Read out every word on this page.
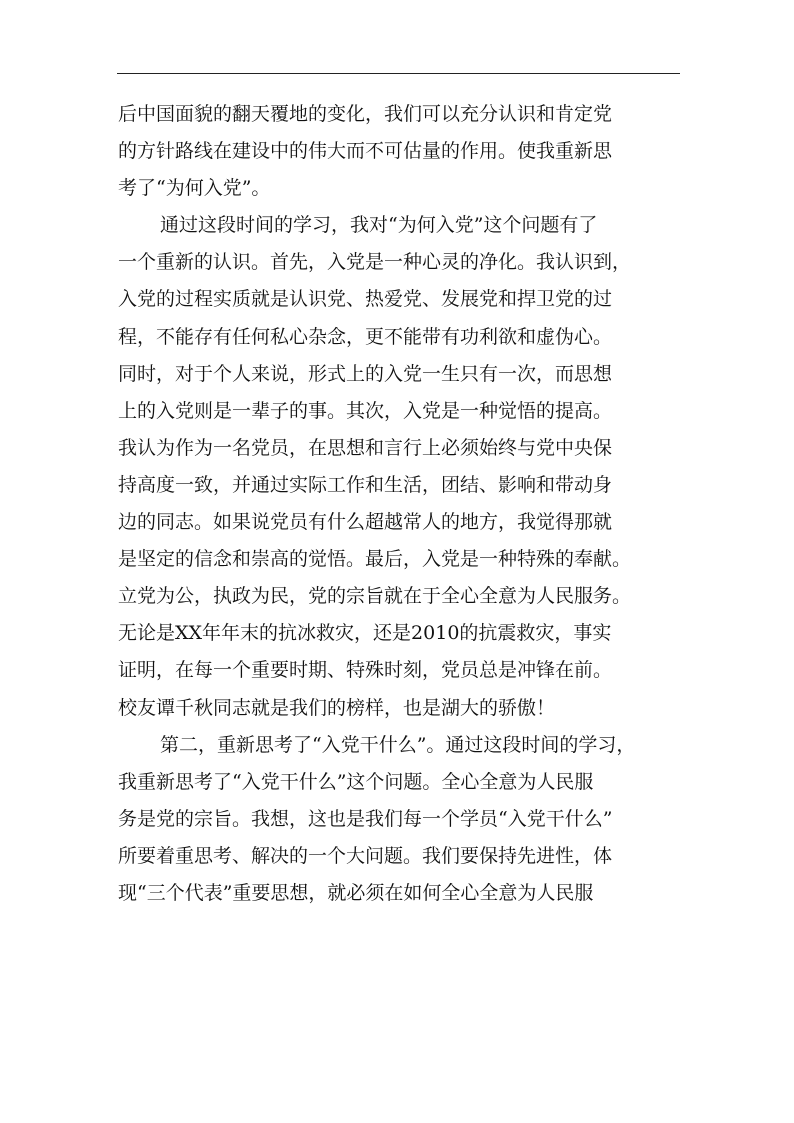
后中国面貌的翻天覆地的变化，我们可以充分认识和肯定党
的方针路线在建设中的伟大而不可估量的作用。使我重新思
考了“为何入党”。
通过这段时间的学习，我对“为何入党”这个问题有了
一个重新的认识。首先，入党是一种心灵的净化。我认识到，
入党的过程实质就是认识党、热爱党、发展党和捍卫党的过
程，不能存有任何私心杂念，更不能带有功利欲和虚伪心。
同时，对于个人来说，形式上的入党一生只有一次，而思想
上的入党则是一辈子的事。其次，入党是一种觉悟的提高。
我认为作为一名党员，在思想和言行上必须始终与党中央保
持高度一致，并通过实际工作和生活，团结、影响和带动身
边的同志。如果说党员有什么超越常人的地方，我觉得那就
是坚定的信念和崇高的觉悟。最后，入党是一种特殊的奉献。
立党为公，执政为民，党的宗旨就在于全心全意为人民服务。
无论是XX年年末的抗冰救灾，还是2010的抗震救灾，事实
证明，在每一个重要时期、特殊时刻，党员总是冲锋在前。
校友谭千秋同志就是我们的榜样，也是湖大的骄傲！
第二，重新思考了“入党干什么”。通过这段时间的学习，
我重新思考了“入党干什么”这个问题。全心全意为人民服
务是党的宗旨。我想，这也是我们每一个学员“入党干什么”
所要着重思考、解决的一个大问题。我们要保持先进性，体
现“三个代表”重要思想，就必须在如何全心全意为人民服
